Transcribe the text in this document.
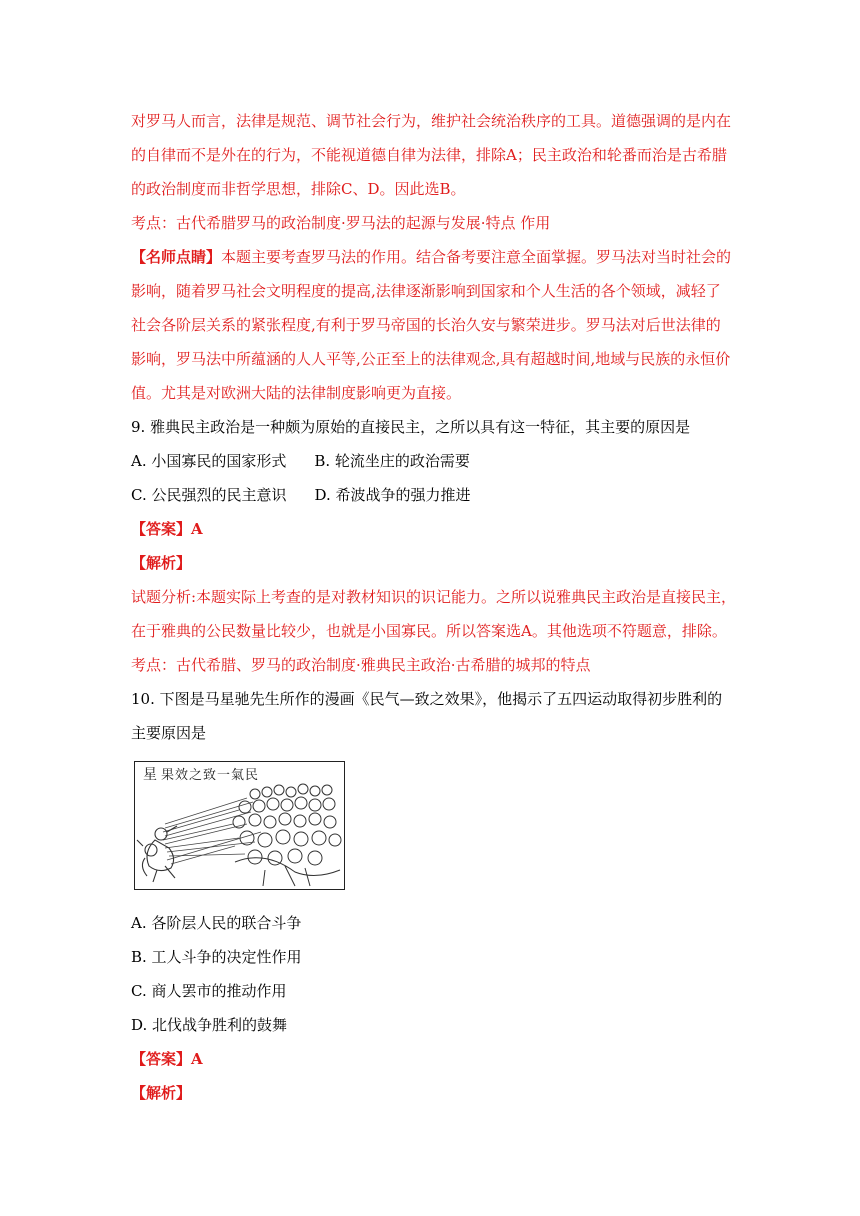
对罗马人而言，法律是规范、调节社会行为，维护社会统治秩序的工具。道德强调的是内在
的自律而不是外在的行为，不能视道德自律为法律，排除A；民主政治和轮番而治是古希腊
的政治制度而非哲学思想，排除C、D。因此选B。
考点：古代希腊罗马的政治制度·罗马法的起源与发展·特点 作用
【名师点睛】本题主要考查罗马法的作用。结合备考要注意全面掌握。罗马法对当时社会的
影响，随着罗马社会文明程度的提高,法律逐渐影响到国家和个人生活的各个领域，减轻了
社会各阶层关系的紧张程度,有利于罗马帝国的长治久安与繁荣进步。罗马法对后世法律的
影响，罗马法中所蕴涵的人人平等,公正至上的法律观念,具有超越时间,地域与民族的永恒价
值。尤其是对欧洲大陆的法律制度影响更为直接。
9. 雅典民主政治是一种颇为原始的直接民主，之所以具有这一特征，其主要的原因是
A. 小国寡民的国家形式 B. 轮流坐庄的政治需要
C. 公民强烈的民主意识 D. 希波战争的强力推进
【答案】A
【解析】
试题分析:本题实际上考查的是对教材知识的识记能力。之所以说雅典民主政治是直接民主，
在于雅典的公民数量比较少，也就是小国寡民。所以答案选A。其他选项不符题意，排除。
考点：古代希腊、罗马的政治制度·雅典民主政治·古希腊的城邦的特点
10. 下图是马星驰先生所作的漫画《民气—致之效果》，他揭示了五四运动取得初步胜利的
主要原因是
星 果效之致一氣民
A. 各阶层人民的联合斗争
B. 工人斗争的决定性作用
C. 商人罢市的推动作用
D. 北伐战争胜利的鼓舞
【答案】A
【解析】
